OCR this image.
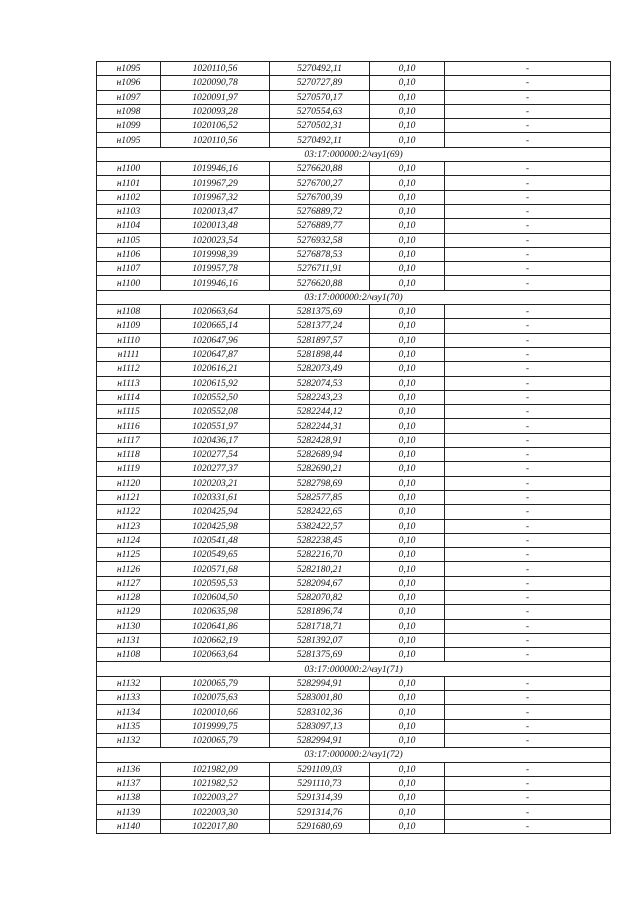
н1095	1020110,56	5270492,11	0,10	-
н1096	1020090,78	5270727,89	0,10	-
н1097	1020091,97	5270570,17	0,10	-
н1098	1020093,28	5270554,63	0,10	-
н1099	1020106,52	5270502,31	0,10	-
н1095	1020110,56	5270492,11	0,10	-
03:17:000000:2/чзу1(69)				
н1100	1019946,16	5276620,88	0,10	-
н1101	1019967,29	5276700,27	0,10	-
н1102	1019967,32	5276700,39	0,10	-
н1103	1020013,47	5276889,72	0,10	-
н1104	1020013,48	5276889,77	0,10	-
н1105	1020023,54	5276932,58	0,10	-
н1106	1019998,39	5276878,53	0,10	-
н1107	1019957,78	5276711,91	0,10	-
н1100	1019946,16	5276620,88	0,10	-
03:17:000000:2/чзу1(70)				
н1108	1020663,64	5281375,69	0,10	-
н1109	1020665,14	5281377,24	0,10	-
н1110	1020647,96	5281897,57	0,10	-
н1111	1020647,87	5281898,44	0,10	-
н1112	1020616,21	5282073,49	0,10	-
н1113	1020615,92	5282074,53	0,10	-
н1114	1020552,50	5282243,23	0,10	-
н1115	1020552,08	5282244,12	0,10	-
н1116	1020551,97	5282244,31	0,10	-
н1117	1020436,17	5282428,91	0,10	-
н1118	1020277,54	5282689,94	0,10	-
н1119	1020277,37	5282690,21	0,10	-
н1120	1020203,21	5282798,69	0,10	-
н1121	1020331,61	5282577,85	0,10	-
н1122	1020425,94	5282422,65	0,10	-
н1123	1020425,98	5382422,57	0,10	-
н1124	1020541,48	5282238,45	0,10	-
н1125	1020549,65	5282216,70	0,10	-
н1126	1020571,68	5282180,21	0,10	-
н1127	1020595,53	5282094,67	0,10	-
н1128	1020604,50	5282070,82	0,10	-
н1129	1020635,98	5281896,74	0,10	-
н1130	1020641,86	5281718,71	0,10	-
н1131	1020662,19	5281392,07	0,10	-
н1108	1020663,64	5281375,69	0,10	-
03:17:000000:2/чзу1(71)				
н1132	1020065,79	5282994,91	0,10	-
н1133	1020075,63	5283001,80	0,10	-
н1134	1020010,66	5283102,36	0,10	-
н1135	1019999,75	5283097,13	0,10	-
н1132	1020065,79	5282994,91	0,10	-
03:17:000000:2/чзу1(72)				
н1136	1021982,09	5291109,03	0,10	-
н1137	1021982,52	5291110,73	0,10	-
н1138	1022003,27	5291314,39	0,10	-
н1139	1022003,30	5291314,76	0,10	-
н1140	1022017,80	5291680,69	0,10	-
